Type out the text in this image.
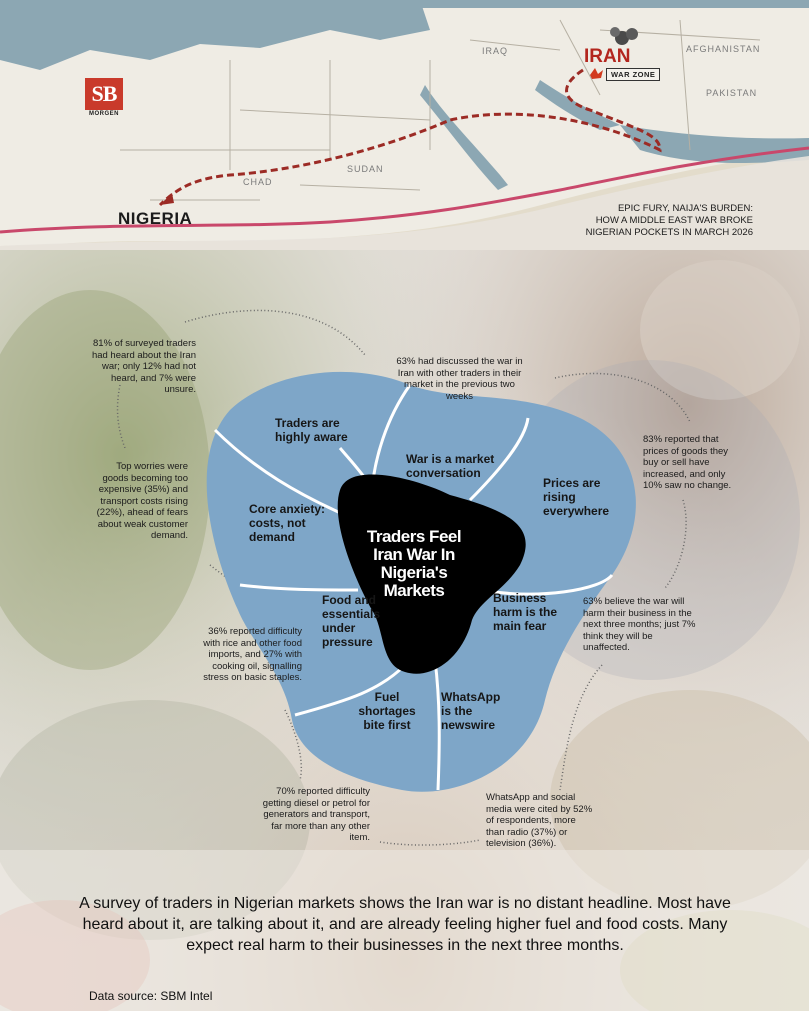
SB
MORGEN
IRAQ	AFGHANISTAN
PAKISTAN
SUDAN
CHAD
IRAN
WAR ZONE
NIGERIA
EPIC FURY, NAIJA'S BURDEN:
HOW A MIDDLE EAST WAR BROKE
NIGERIAN POCKETS IN MARCH 2026
Traders Feel Iran War In Nigeria's Markets
Traders are highly aware
War is a market conversation
Prices are rising everywhere
Business harm is the main fear
WhatsApp is the newswire
Fuel shortages bite first
Food and essentials under pressure
Core anxiety: costs, not demand
81% of surveyed traders had heard about the Iran war; only 12% had not heard, and 7% were unsure.
63% had discussed the war in Iran with other traders in their market in the previous two weeks
83% reported that prices of goods they buy or sell have increased, and only 10% saw no change.
63% believe the war will harm their business in the next three months; just 7% think they will be unaffected.
WhatsApp and social media were cited by 52% of respondents, more than radio (37%) or television (36%).
70% reported difficulty getting diesel or petrol for generators and transport, far more than any other item.
36% reported difficulty with rice and other food imports, and 27% with cooking oil, signalling stress on basic staples.
Top worries were goods becoming too expensive (35%) and transport costs rising (22%), ahead of fears about weak customer demand.
A survey of traders in Nigerian markets shows the Iran war is no distant headline. Most have heard about it, are talking about it, and are already feeling higher fuel and food costs. Many expect real harm to their businesses in the next three months.
Data source: SBM Intel
